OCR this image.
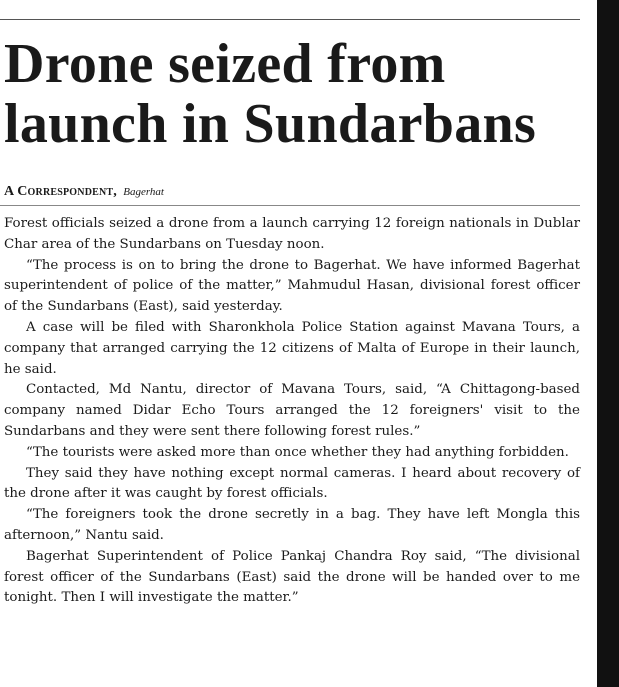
Drone seized from launch in Sundarbans
A Correspondent, Bagerhat

Forest officials seized a drone from a launch carrying 12 foreign nationals in Dublar Char area of the Sundarbans on Tuesday noon.

“The process is on to bring the drone to Bagerhat. We have informed Bagerhat superintendent of police of the matter,” Mahmudul Hasan, divisional forest officer of the Sundarbans (East), said yesterday.

A case will be filed with Sharonkhola Police Station against Mavana Tours, a company that arranged carrying the 12 citizens of Malta of Europe in their launch, he said.

Contacted, Md Nantu, director of Mavana Tours, said, “A Chittagong-based company named Didar Echo Tours arranged the 12 foreigners' visit to the Sundarbans and they were sent there following forest rules.”

“The tourists were asked more than once whether they had anything forbidden.

They said they have nothing except normal cameras. I heard about recovery of the drone after it was caught by forest officials.

“The foreigners took the drone secretly in a bag. They have left Mongla this afternoon,” Nantu said.

Bagerhat Superintendent of Police Pankaj Chandra Roy said, “The divisional forest officer of the Sundarbans (East) said the drone will be handed over to me tonight. Then I will investigate the matter.”
